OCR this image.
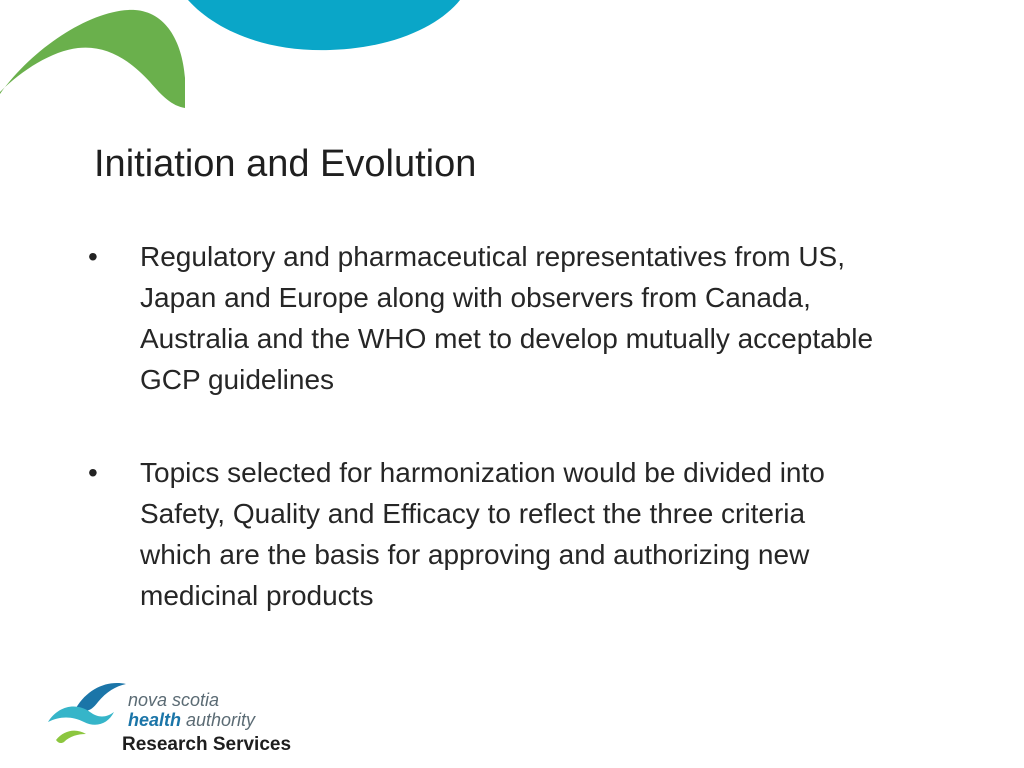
Initiation and Evolution
•	Regulatory and pharmaceutical representatives from US, Japan and Europe along with observers from Canada, Australia and the WHO met to develop mutually acceptable GCP guidelines
•	Topics selected for harmonization would be divided into Safety, Quality and Efficacy to reflect the three criteria which are the basis for approving and authorizing new medicinal products
nova scotia
health authority
Research Services
